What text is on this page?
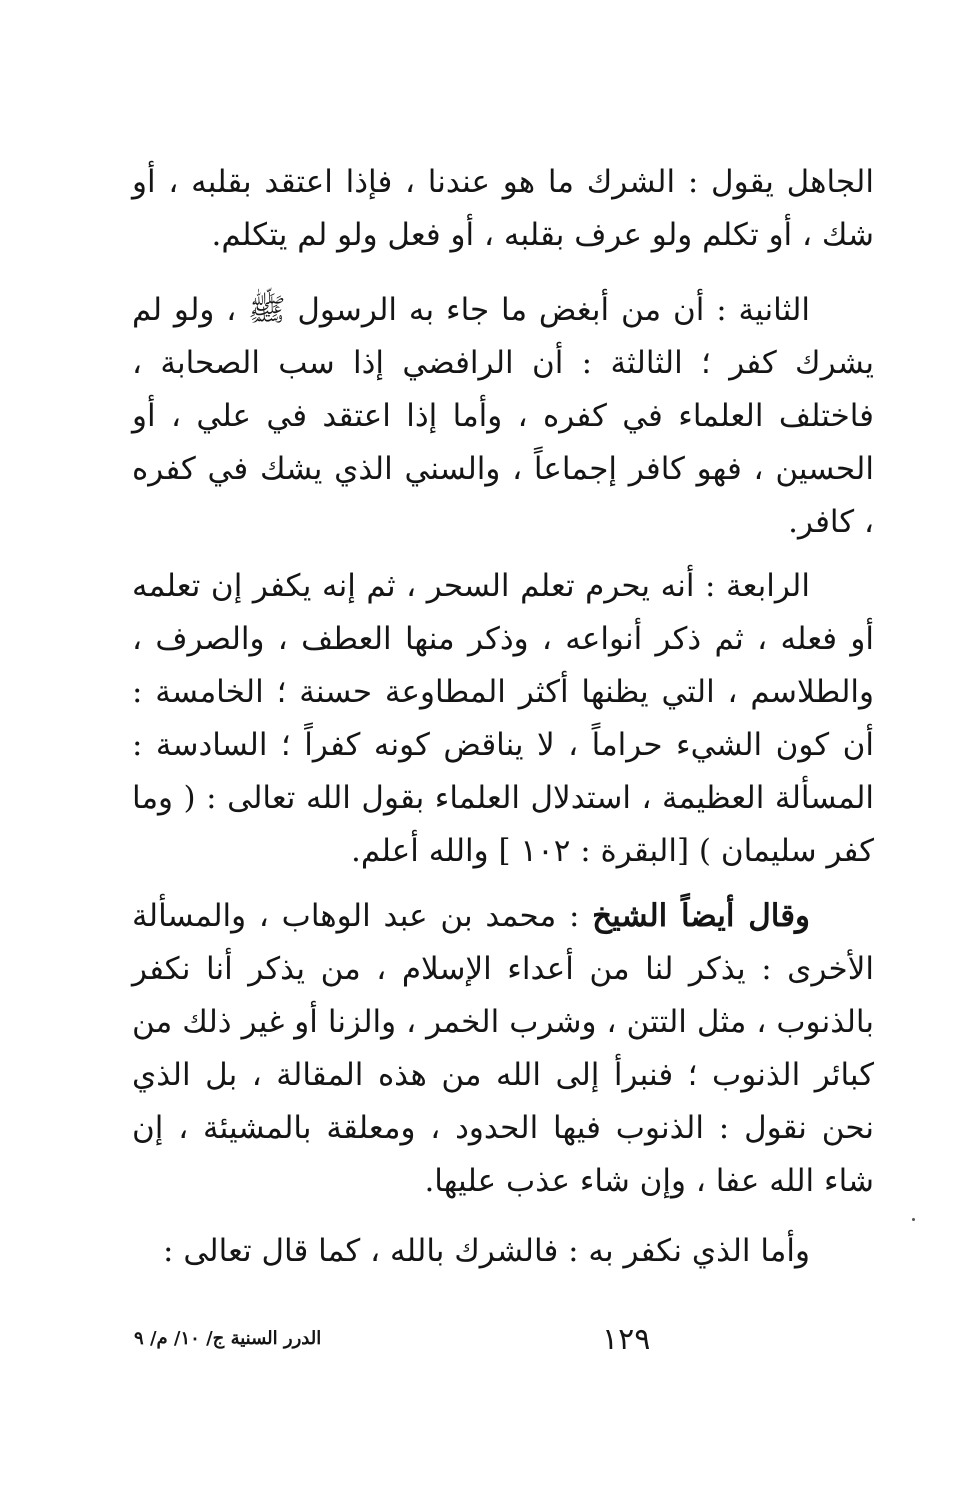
الجاهل يقول : الشرك ما هو عندنا ، فإذا اعتقد بقلبه ، أو شك ، أو تكلم ولو عرف بقلبه ، أو فعل ولو لم يتكلم.

الثانية : أن من أبغض ما جاء به الرسول ﷺ ، ولو لم يشرك كفر ؛ الثالثة : أن الرافضي إذا سب الصحابة ، فاختلف العلماء في كفره ، وأما إذا اعتقد في علي ، أو الحسين ، فهو كافر إجماعاً ، والسني الذي يشك في كفره ، كافر.

الرابعة : أنه يحرم تعلم السحر ، ثم إنه يكفر إن تعلمه أو فعله ، ثم ذكر أنواعه ، وذكر منها العطف ، والصرف ، والطلاسم ، التي يظنها أكثر المطاوعة حسنة ؛ الخامسة : أن كون الشيء حراماً ، لا يناقض كونه كفراً ؛ السادسة : المسألة العظيمة ، استدلال العلماء بقول الله تعالى : ( وما كفر سليمان ) [البقرة : ١٠٢ ] والله أعلم.

وقال أيضاً الشيخ : محمد بن عبد الوهاب ، والمسألة الأخرى : يذكر لنا من أعداء الإسلام ، من يذكر أنا نكفر بالذنوب ، مثل التتن ، وشرب الخمر ، والزنا أو غير ذلك من كبائر الذنوب ؛ فنبرأ إلى الله من هذه المقالة ، بل الذي نحن نقول : الذنوب فيها الحدود ، ومعلقة بالمشيئة ، إن شاء الله عفا ، وإن شاء عذب عليها.

وأما الذي نكفر به : فالشرك بالله ، كما قال تعالى :

الدرر السنية ج/ ١٠/ م/ ٩	١٢٩
